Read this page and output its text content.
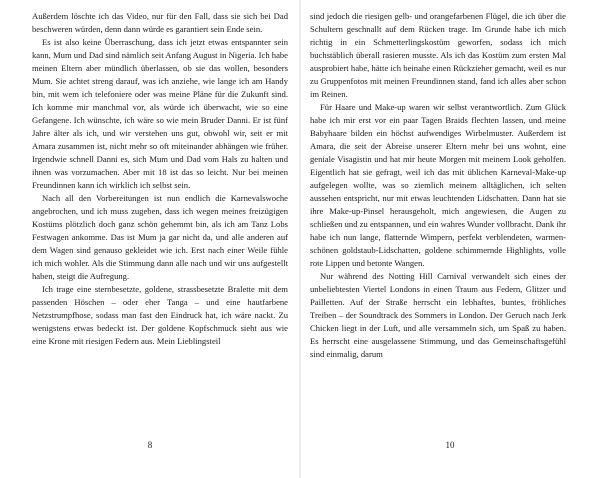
Außerdem löschte ich das Video, nur für den Fall, dass sie sich bei Dad beschweren würden, denn dann würde es garantiert sein Ende sein.

Es ist also keine Überraschung, dass ich jetzt etwas entspannter sein kann, Mum und Dad sind nämlich seit Anfang August in Nigeria. Ich habe meinen Eltern aber mündlich überlassen, ob sie das wollen, besonders Mum. Sie achtet streng darauf, was ich anziehe, wie lange ich am Handy bin, mit wem ich telefoniere oder was meine Pläne für die Zukunft sind. Ich komme mir manchmal vor, als würde ich überwacht, wie so eine Gefangene. Ich wünschte, ich wäre so wie mein Bruder Danni. Er ist fünf Jahre älter als ich, und wir verstehen uns gut, obwohl wir, seit er mit Amara zusammen ist, nicht mehr so oft miteinander abhängen wie früher. Irgendwie schnell Danni es, sich Mum und Dad vom Hals zu halten und ihnen was vorzumachen. Aber mit 18 ist das so leicht. Nur bei meinen Freundinnen kann ich wirklich ich selbst sein.

Nach all den Vorbereitungen ist nun endlich die Karnevalswoche angebrochen, und ich muss zugeben, dass ich wegen meines freizügigen Kostüms plötzlich doch ganz schön gehemmt bin, als ich am Tanz Lobs Festwagen ankomme. Das ist Mum ja gar nicht da, und alle anderen auf dem Wagen sind genauso gekleidet wie ich. Erst nach einer Weile fühle ich mich wohler. Als die Stimmung dann alle nach und wir uns aufgestellt haben, steigt die Aufregung.

Ich trage eine sternbesetzte, goldene, strassbesetzte Bralette mit dem passenden Höschen – oder eher Tanga – und eine hautfarbene Netzstrumpfhose, sodass man fast den Eindruck hat, ich wäre nackt. Zu wenigstens etwas bedeckt ist. Der goldene Kopfschmuck sieht aus wie eine Krone mit riesigen Federn aus. Mein Lieblingsteil

8

sind jedoch die riesigen gelb- und orangefarbenen Flügel, die ich über die Schultern geschnallt auf dem Rücken trage. Im Grunde habe ich mich richtig in ein Schmetterlingskostüm geworfen, sodass ich mich buchstäblich überall rasieren musste. Als ich das Kostüm zum ersten Mal ausprobiert habe, hätte ich beinahe einen Rückzieher gemacht, weil es nur zu Gruppenfotos mit meinen Freundinnen stand, fand ich alles aber schon im Reinen.

Für Haare und Make-up waren wir selbst verantwortlich. Zum Glück habe ich mir erst vor ein paar Tagen Braids flechten lassen, und meine Babyhaare bilden ein höchst aufwendiges Wirbelmuster. Außerdem ist Amara, die seit der Abreise unserer Eltern mehr bei uns wohnt, eine geniale Visagistin und hat mir heute Morgen mit meinem Look geholfen. Eigentlich hat sie gefragt, weil ich das mit üblichen Karneval-Make-up aufgelegen wollte, was so ziemlich meinem alltäglichen, ich selten aussehen entspricht, nur mit etwas leuchtenden Lidschatten. Dann hat sie ihre Make-up-Pinsel herausgeholt, mich angewiesen, die Augen zu schließen und zu entspannen, und ein wahres Wunder vollbracht. Dank ihr habe ich nun lange, flatternde Wimpern, perfekt verblendeten, warmen-schönen goldstaub-Lidschatten, goldene schimmernde Highlights, volle rote Lippen und betonte Wangen.

Nur während des Notting Hill Carnival verwandelt sich eines der unbeliebtesten Viertel Londons in einen Traum aus Federn, Glitzer und Pailletten. Auf der Straße herrscht ein lebhaftes, buntes, fröhliches Treiben – der Soundtrack des Sommers in London. Der Geruch nach Jerk Chicken liegt in der Luft, und alle versammeln sich, um Spaß zu haben. Es herrscht eine ausgelassene Stimmung, und das Gemeinschaftsgefühl sind einmalig, darum

10
